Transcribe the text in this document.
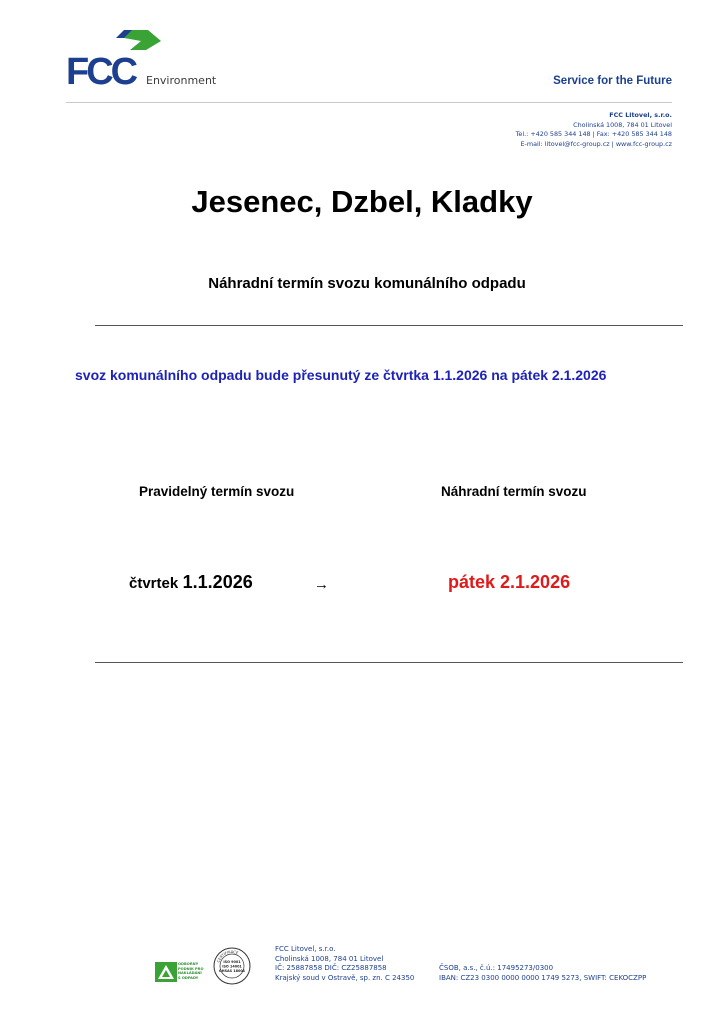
FCC Environment	Service for the Future
FCC Litovel, s.r.o.
Cholinská 1008, 784 01 Litovel
Tel.: +420 585 344 148 | Fax: +420 585 344 148
E-mail: litovel@fcc-group.cz | www.fcc-group.cz
Jesenec, Dzbel, Kladky
Náhradní termín svozu komunálního odpadu
svoz komunálního odpadu bude přesunutý ze čtvrtka 1.1.2026 na pátek 2.1.2026
Pravidelný termín svozu	Náhradní termín svozu
čtvrtek 1.1.2026	→	pátek 2.1.2026
ODBORNÝ
PODNIK PRO
NAKLÁDÁNÍ
S ODPADY
CERTIFIKACE
ISO 9001
ISO 14001
OHSAS 18001
FCC Litovel, s.r.o.
Cholinská 1008, 784 01 Litovel
IČ: 25887858 DIČ: CZ25887858
Krajský soud v Ostravě, sp. zn. C 24350
ČSOB, a.s., č.ú.: 17495273/0300
IBAN: CZ23 0300 0000 0000 1749 5273, SWIFT: CEKOCZPP
